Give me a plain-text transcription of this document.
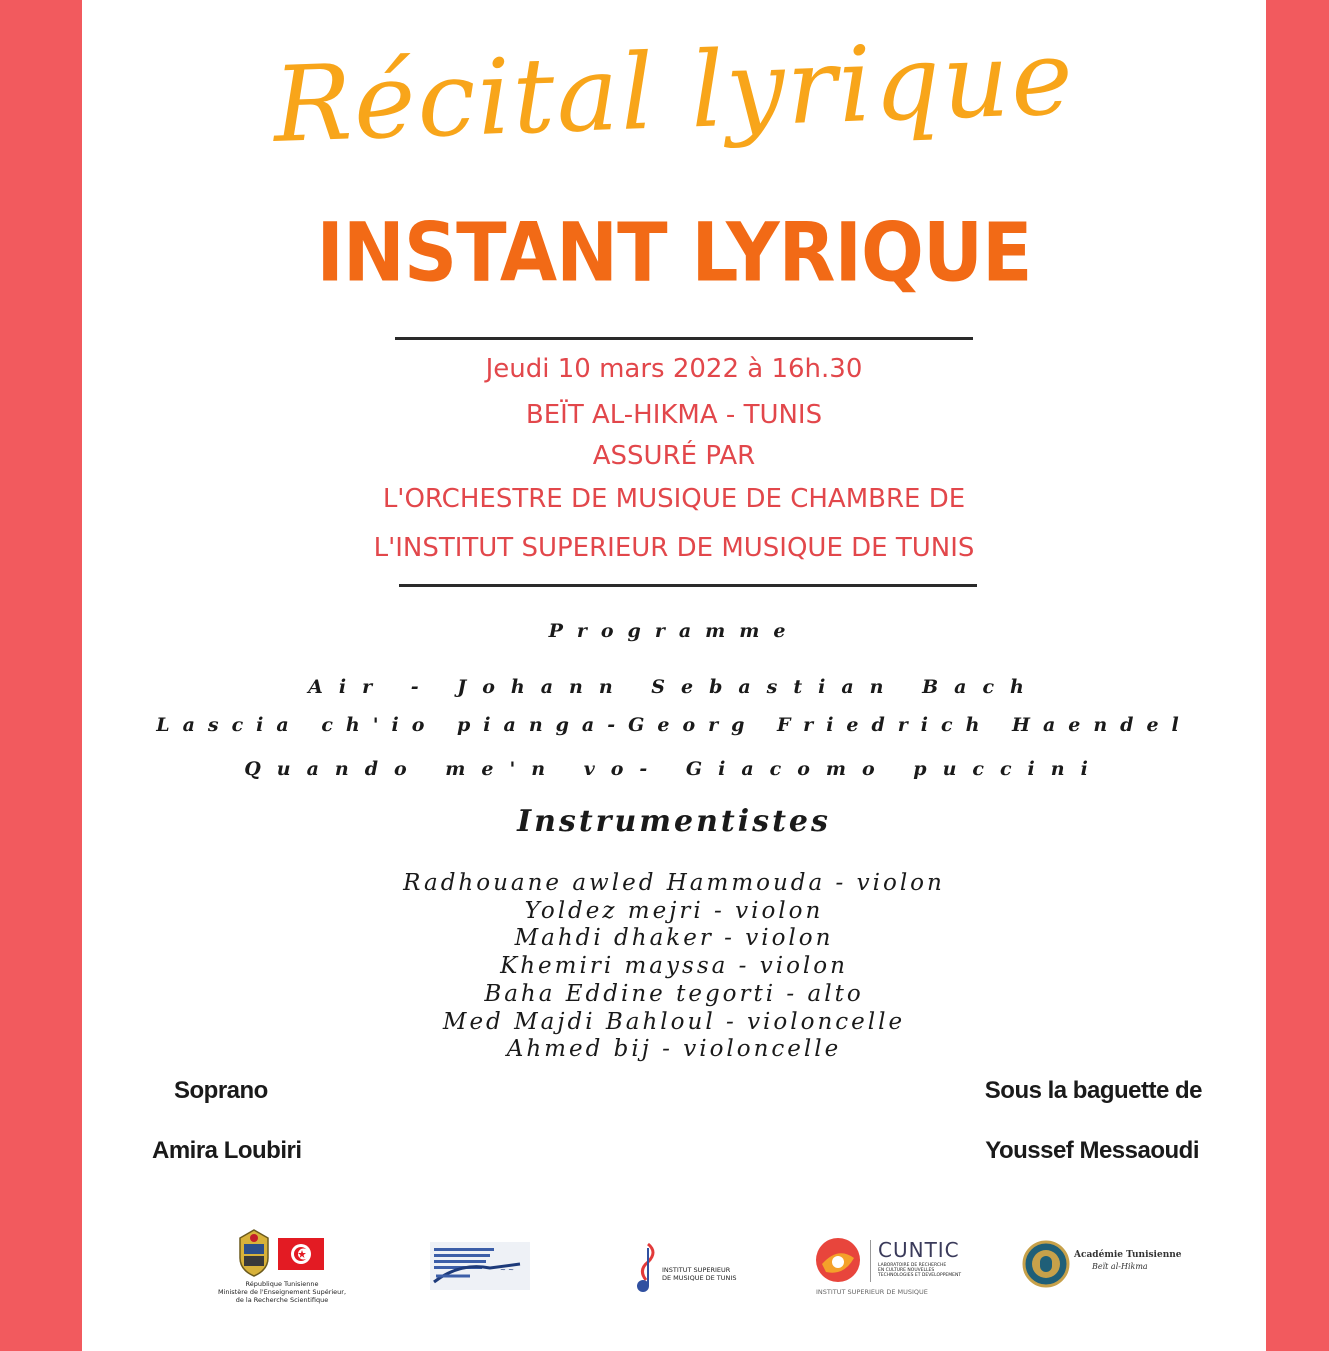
Récital lyrique
INSTANT LYRIQUE
Jeudi 10 mars 2022 à 16h.30
BEÏT AL-HIKMA - TUNIS
ASSURÉ PAR
L'ORCHESTRE DE MUSIQUE DE CHAMBRE DE
L'INSTITUT SUPERIEUR DE MUSIQUE DE TUNIS
Programme
Air - Johann Sebastian Bach
Lascia ch'io pianga-Georg Friedrich Haendel
Quando me'n vo- Giacomo puccini
Instrumentistes
Radhouane awled Hammouda - violon
Yoldez mejri - violon
Mahdi dhaker - violon
Khemiri mayssa - violon
Baha Eddine tegorti - alto
Med Majdi Bahloul - violoncelle
Ahmed bij - violoncelle
Soprano
Amira Loubiri
Sous la baguette de
Youssef Messaoudi
République Tunisienne
Ministère de l'Enseignement Supérieur,
de la Recherche Scientifique
~ ~	INSTITUT SUPERIEUR
DE MUSIQUE DE TUNIS
CUNTIC
LABORATOIRE DE RECHERCHE
EN CULTURE NOUVELLES
TECHNOLOGIES ET DEVELOPPEMENT
INSTITUT SUPERIEUR DE MUSIQUE
Académie Tunisienne
Beït al-Hikma
